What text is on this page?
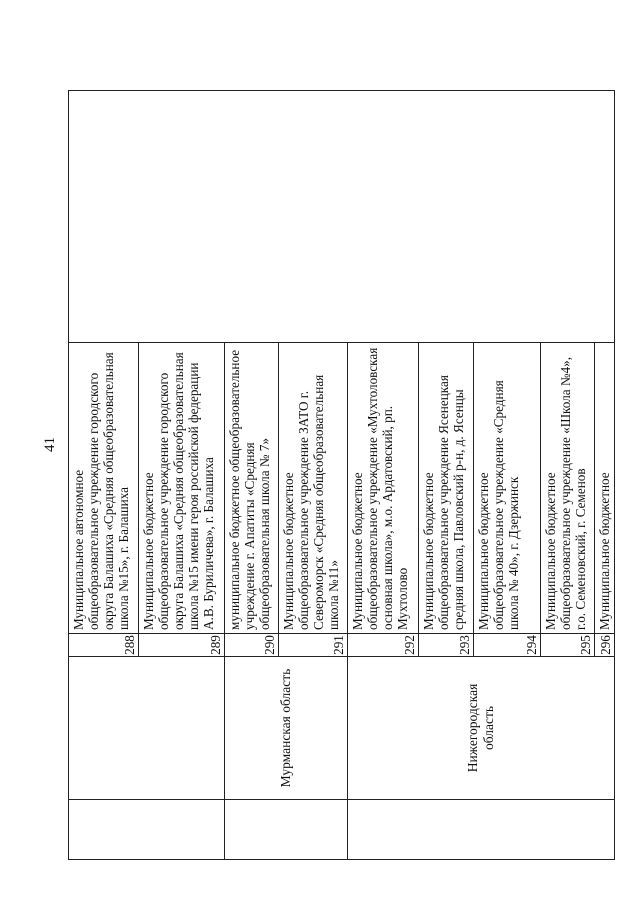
41
		288	Муниципальное автономное общеобразовательное учреждение городского округа Балашиха «Средняя общеобразовательная школа №15», г. Балашиха	
		289	Муниципальное бюджетное общеобразовательное учреждение городского округа Балашиха «Средняя общеобразовательная школа №15 имени героя российской федерации А.В. Буриличева», г. Балашиха	
	Мурманская область	290	муниципальное бюджетное общеобразовательное учреждение г. Апатиты «Средняя общеобразовательная школа № 7»	
		291	Муниципальное бюджетное общеобразовательное учреждение ЗАТО г. Североморск «Средняя общеобразовательная школа №11»	
	Нижегородская область	292	Муниципальное бюджетное общеобразовательное учреждение «Мухтоловская основная школа», м.о. Ардатовский, рп. Мухтолово	
		293	Муниципальное бюджетное общеобразовательное учреждение Ясенецкая средняя школа, Павловский р-н, д. Ясенцы	
		294	Муниципальное бюджетное общеобразовательное учреждение «Средняя школа № 40», г. Дзержинск	
		295	Муниципальное бюджетное общеобразовательное учреждение «Школа №4», г.о. Семеновский, г. Семенов	
		296	Муниципальное бюджетное	
